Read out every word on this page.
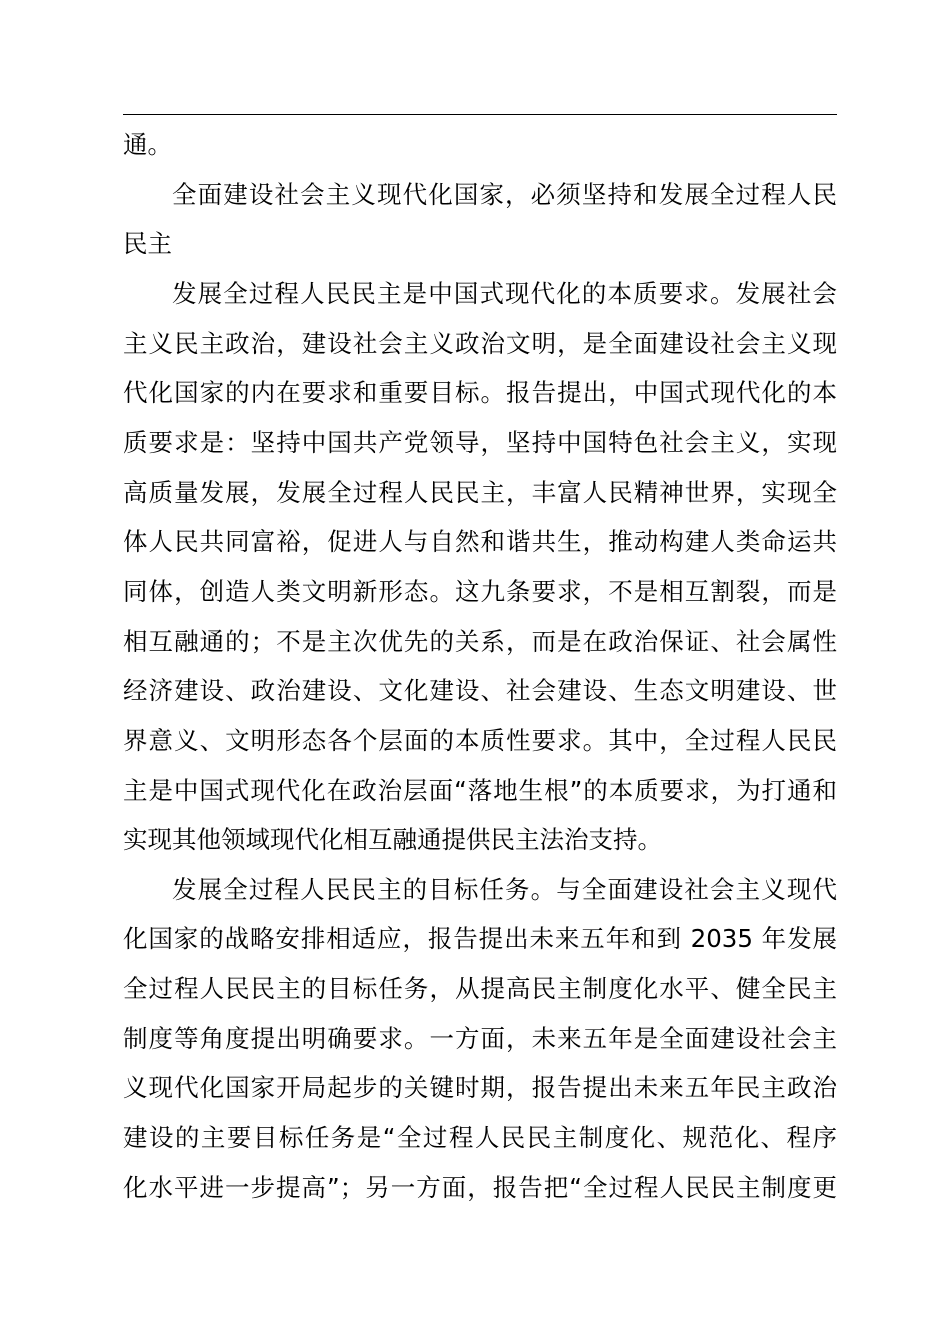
通。
全面建设社会主义现代化国家，必须坚持和发展全过程人民
民主
发展全过程人民民主是中国式现代化的本质要求。发展社会
主义民主政治，建设社会主义政治文明，是全面建设社会主义现
代化国家的内在要求和重要目标。报告提出，中国式现代化的本
质要求是：坚持中国共产党领导，坚持中国特色社会主义，实现
高质量发展，发展全过程人民民主，丰富人民精神世界，实现全
体人民共同富裕，促进人与自然和谐共生，推动构建人类命运共
同体，创造人类文明新形态。这九条要求，不是相互割裂，而是
相互融通的；不是主次优先的关系，而是在政治保证、社会属性
经济建设、政治建设、文化建设、社会建设、生态文明建设、世
界意义、文明形态各个层面的本质性要求。其中，全过程人民民
主是中国式现代化在政治层面“落地生根”的本质要求，为打通和
实现其他领域现代化相互融通提供民主法治支持。
发展全过程人民民主的目标任务。与全面建设社会主义现代
化国家的战略安排相适应，报告提出未来五年和到 2035 年发展
全过程人民民主的目标任务，从提高民主制度化水平、健全民主
制度等角度提出明确要求。一方面，未来五年是全面建设社会主
义现代化国家开局起步的关键时期，报告提出未来五年民主政治
建设的主要目标任务是“全过程人民民主制度化、规范化、程序
化水平进一步提高”；另一方面，报告把“全过程人民民主制度更
